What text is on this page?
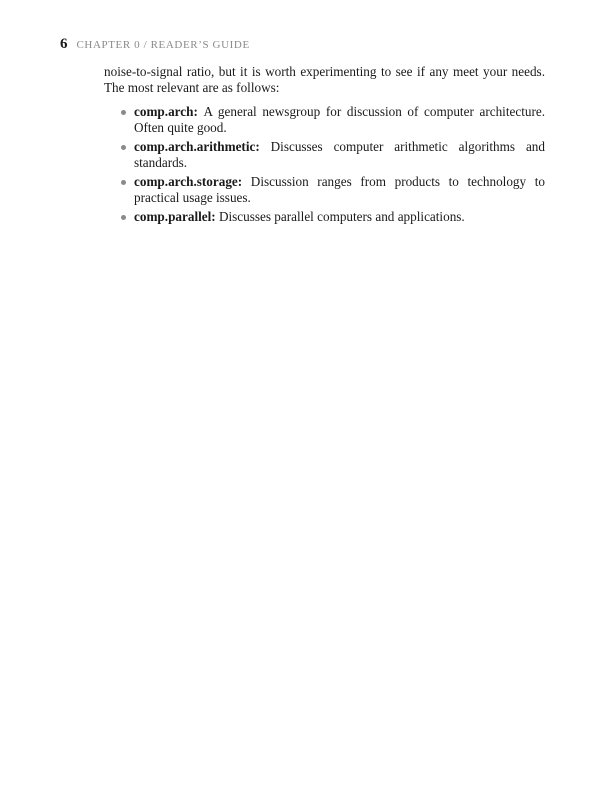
6 CHAPTER 0 / READER’S GUIDE

noise-to-signal ratio, but it is worth experimenting to see if any meet your needs. The most relevant are as follows:

comp.arch: A general newsgroup for discussion of computer architecture. Often quite good.
comp.arch.arithmetic: Discusses computer arithmetic algorithms and standards.
comp.arch.storage: Discussion ranges from products to technology to practical usage issues.
comp.parallel: Discusses parallel computers and applications.
